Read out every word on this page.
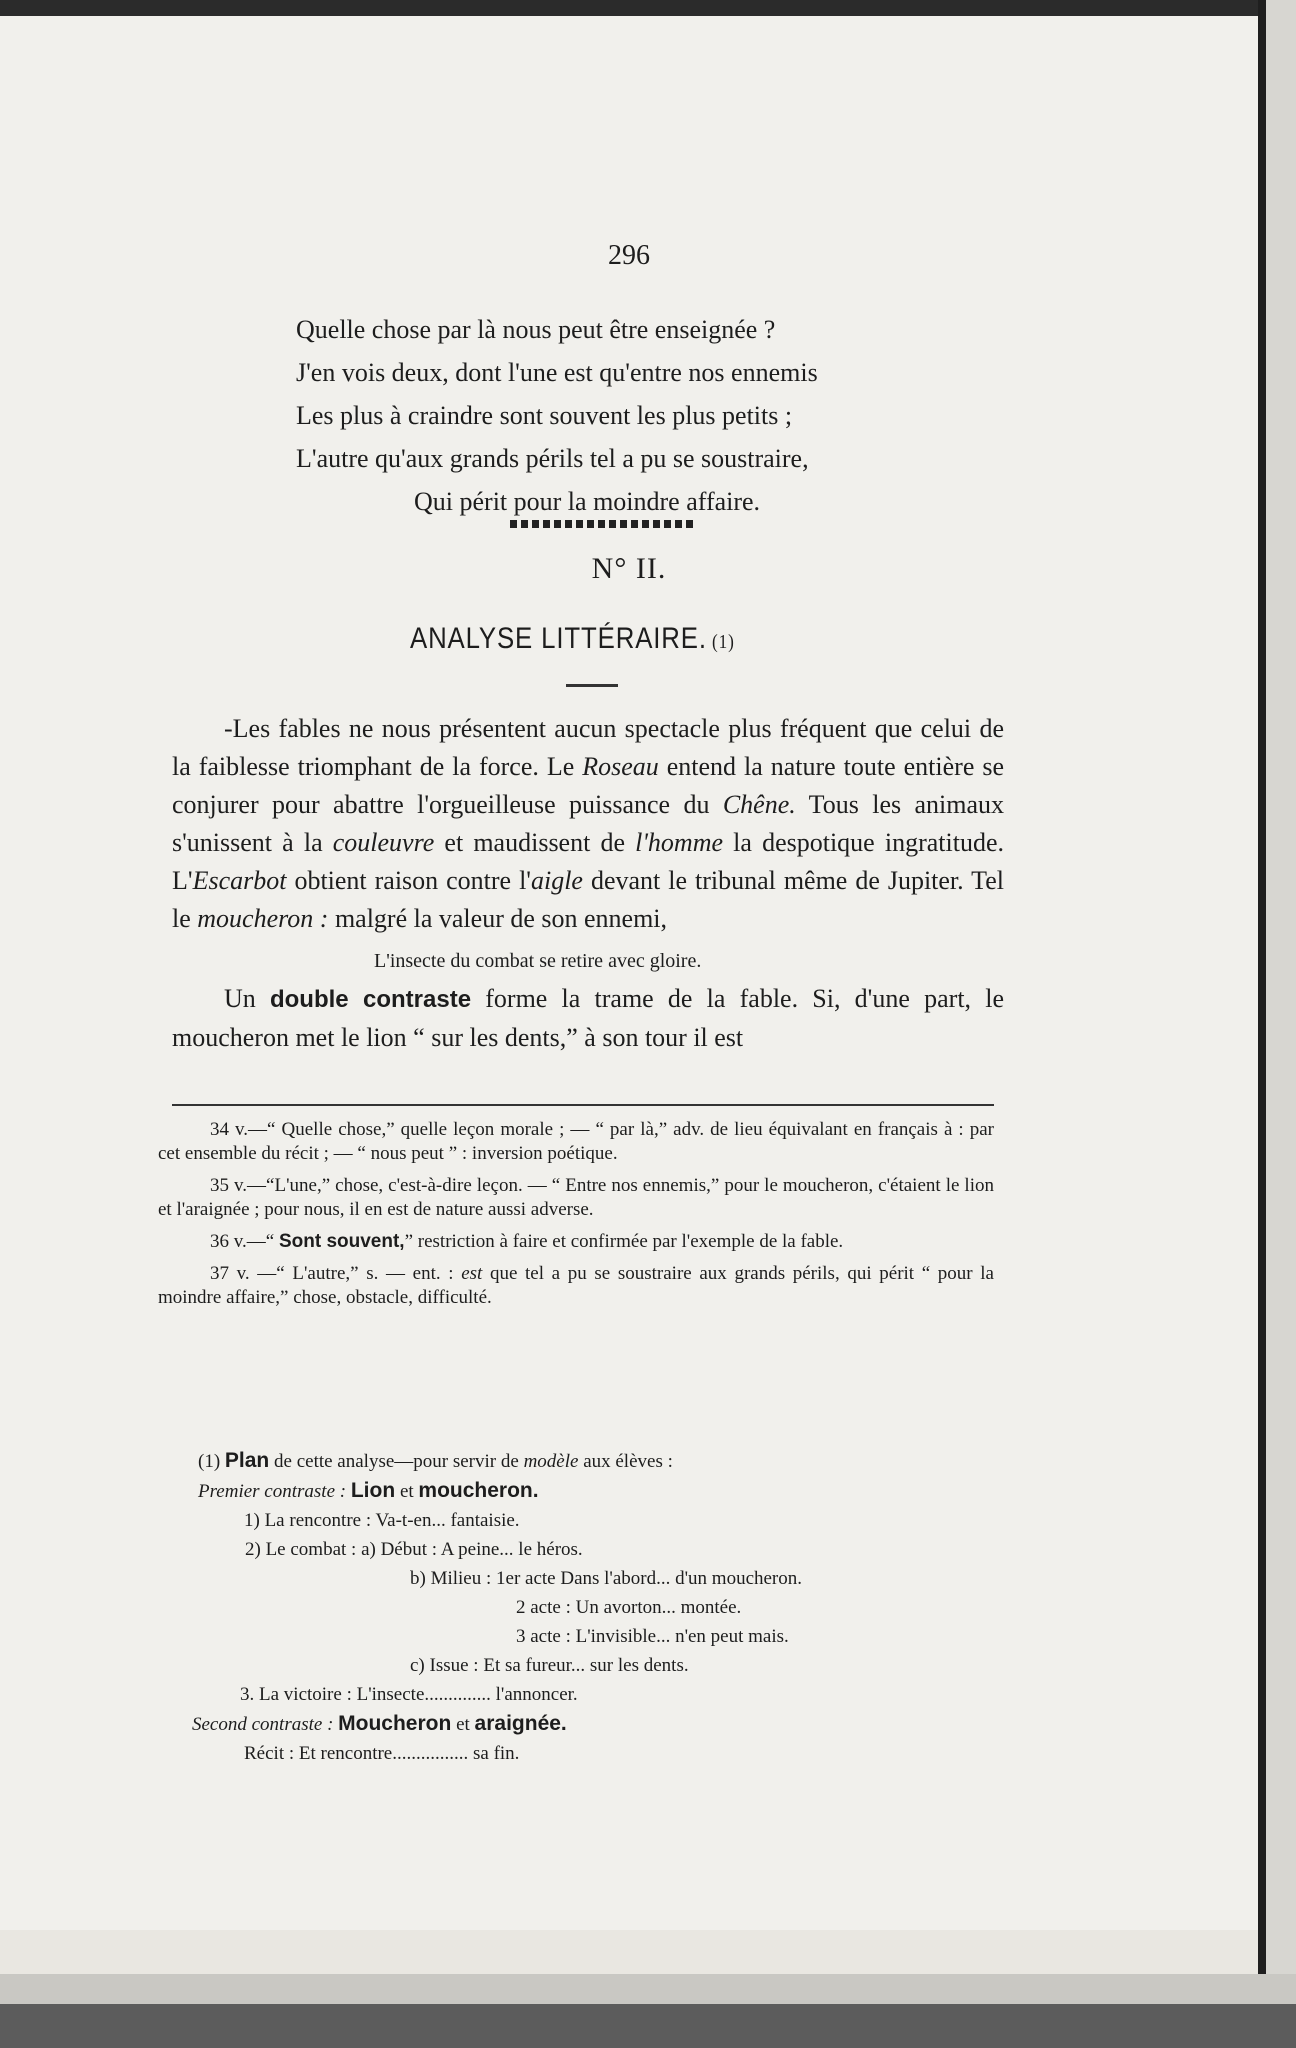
296
Quelle chose par là nous peut être enseignée ?
J'en vois deux, dont l'une est qu'entre nos ennemis
Les plus à craindre sont souvent les plus petits ;
L'autre qu'aux grands périls tel a pu se soustraire,
Qui périt pour la moindre affaire.
N° II.
ANALYSE LITTÉRAIRE. (1)

-Les fables ne nous présentent aucun spectacle plus fréquent que celui de la faiblesse triomphant de la force. Le Roseau entend la nature toute entière se conjurer pour abattre l'orgueilleuse puissance du Chêne. Tous les animaux s'unissent à la couleuvre et maudissent de l'homme la despotique ingratitude. L'Escarbot obtient raison contre l'aigle devant le tribunal même de Jupiter. Tel le moucheron : malgré la valeur de son ennemi,

L'insecte du combat se retire avec gloire.

Un double contraste forme la trame de la fable. Si, d'une part, le moucheron met le lion “ sur les dents,” à son tour il est

34 v.—“ Quelle chose,” quelle leçon morale ; — “ par là,” adv. de lieu équivalant en français à : par cet ensemble du récit ; — “ nous peut ” : inversion poétique.

35 v.—“L'une,” chose, c'est-à-dire leçon. — “ Entre nos ennemis,” pour le moucheron, c'étaient le lion et l'araignée ; pour nous, il en est de nature aussi adverse.

36 v.—“ Sont souvent,” restriction à faire et confirmée par l'exemple de la fable.

37 v. —“ L'autre,” s. — ent. : est que tel a pu se soustraire aux grands périls, qui périt “ pour la moindre affaire,” chose, obstacle, difficulté.

(1) Plan de cette analyse—pour servir de modèle aux élèves :
Premier contraste : Lion et moucheron.
1) La rencontre : Va-t-en... fantaisie.
2) Le combat : a) Début : A peine... le héros.
b) Milieu : 1er acte Dans l'abord... d'un moucheron.
2 acte : Un avorton... montée.
3 acte : L'invisible... n'en peut mais.
c) Issue : Et sa fureur... sur les dents.
3. La victoire : L'insecte.............. l'annoncer.
Second contraste : Moucheron et araignée.
Récit : Et rencontre................ sa fin.
